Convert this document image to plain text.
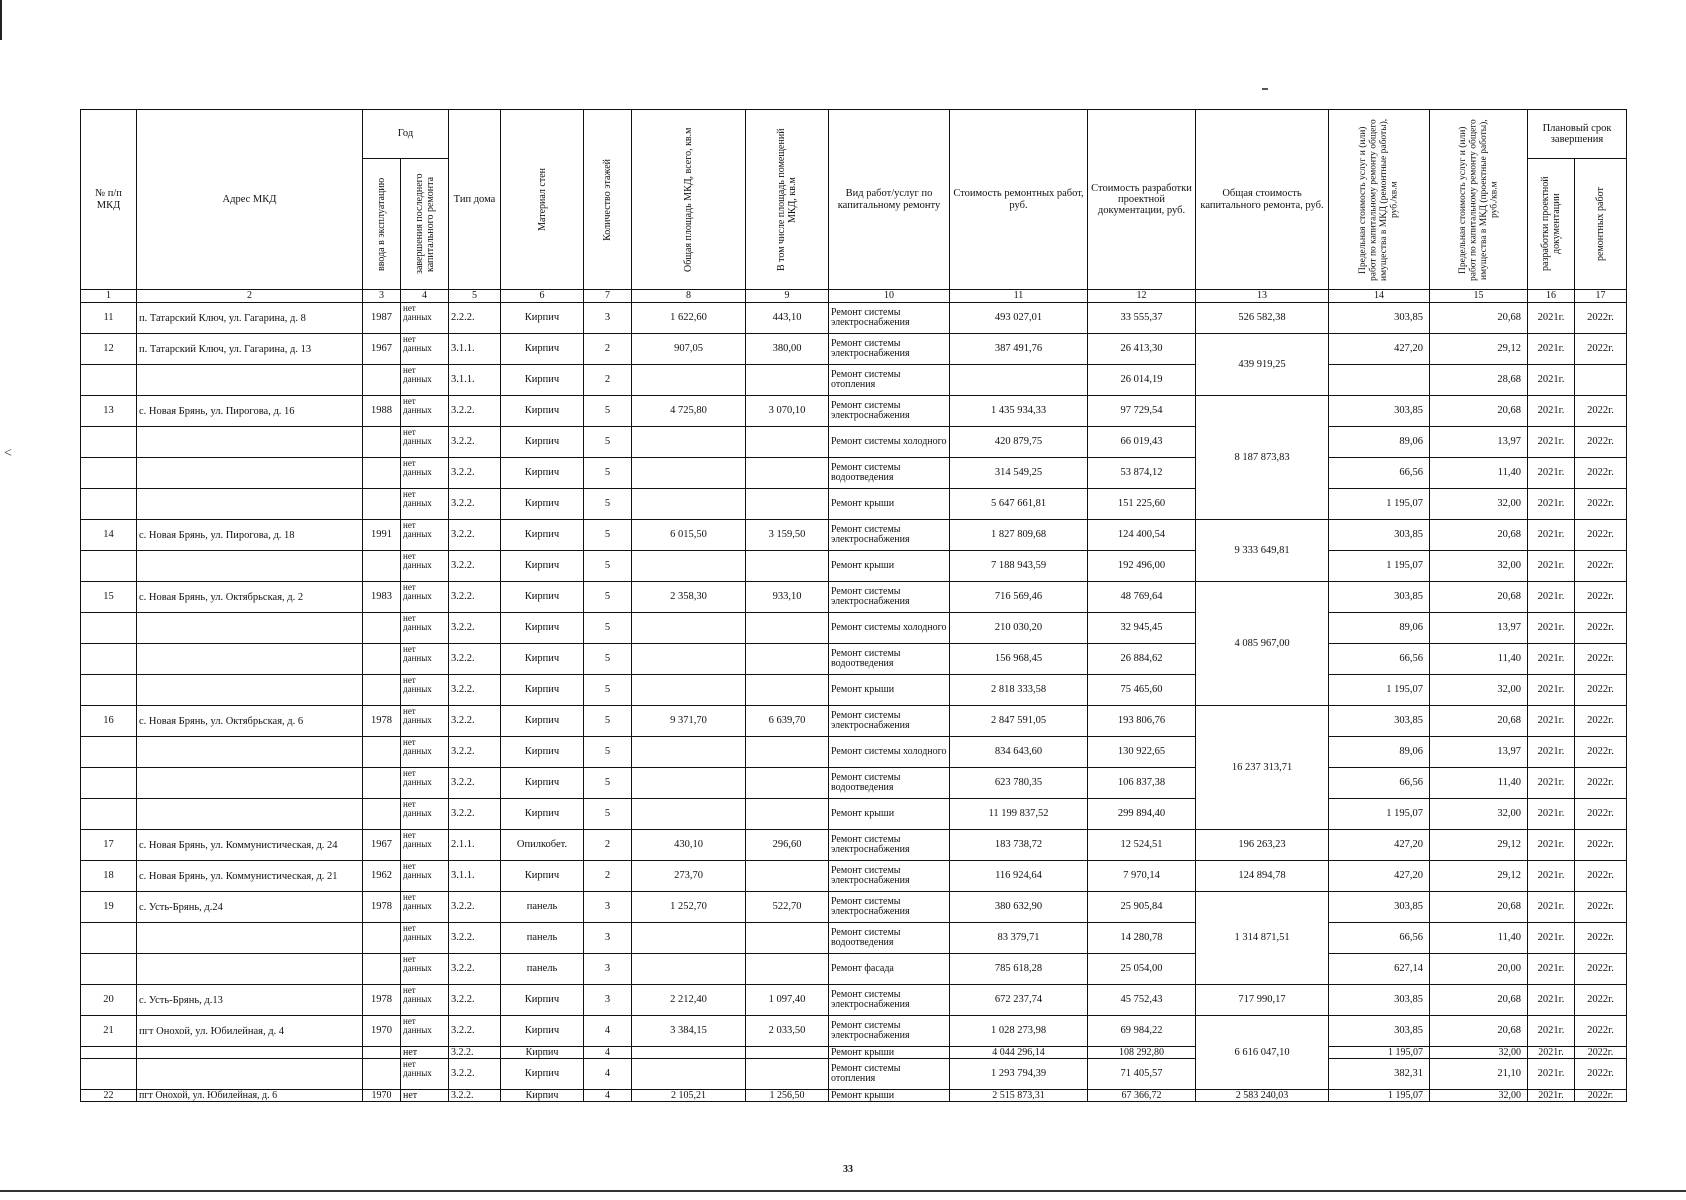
<
№ п/п МКД	Адрес МКД	Год		Тип дома	Материал стен	Количество этажей	Общая площадь МКД, всего, кв.м	В том числе площадь помещений МКД, кв.м	Вид работ/услуг по капитальному ремонту	Стоимость ремонтных работ, руб.	Стоимость разработки проектной документации, руб.	Общая стоимость капитального ремонта, руб.	Предельная стоимость услуг и (или) работ по капитальному ремонту общего имущества в МКД (ремонтные работы), руб./кв.м	Предельная стоимость услуг и (или) работ по капитальному ремонту общего имущества в МКД (проектные работы), руб./кв.м	Плановый срок завершения	

		ввода в эксплуатацию	завершения последнего капитального ремонта												разработки проектной документации	ремонтных работ

1	2	3	4	5	6	7	8	9	10	11	12	13	14	15	16	17
11	п. Татарский Ключ, ул. Гагарина, д. 8	1987	нет данных	2.2.2.	Кирпич	3	1 622,60	443,10	Ремонт системы электроснабжения	493 027,01	33 555,37	526 582,38	303,85	20,68	2021г.	2022г.
12	п. Татарский Ключ, ул. Гагарина, д. 13	1967	нет данных	3.1.1.	Кирпич	2	907,05	380,00	Ремонт системы электроснабжения	387 491,76	26 413,30	439 919,25	427,20	29,12	2021г.	2022г.
			нет данных	3.1.1.	Кирпич	2			Ремонт системы отопления		26 014,19			28,68	2021г.	
13	с. Новая Брянь, ул. Пирогова, д. 16	1988	нет данных	3.2.2.	Кирпич	5	4 725,80	3 070,10	Ремонт системы электроснабжения	1 435 934,33	97 729,54	8 187 873,83	303,85	20,68	2021г.	2022г.
			нет данных	3.2.2.	Кирпич	5			Ремонт системы холодного	420 879,75	66 019,43		89,06	13,97	2021г.	2022г.
			нет данных	3.2.2.	Кирпич	5			Ремонт системы водоотведения	314 549,25	53 874,12		66,56	11,40	2021г.	2022г.
			нет данных	3.2.2.	Кирпич	5			Ремонт крыши	5 647 661,81	151 225,60		1 195,07	32,00	2021г.	2022г.
14	с. Новая Брянь, ул. Пирогова, д. 18	1991	нет данных	3.2.2.	Кирпич	5	6 015,50	3 159,50	Ремонт системы электроснабжения	1 827 809,68	124 400,54	9 333 649,81	303,85	20,68	2021г.	2022г.
			нет данных	3.2.2.	Кирпич	5			Ремонт крыши	7 188 943,59	192 496,00		1 195,07	32,00	2021г.	2022г.
15	с. Новая Брянь, ул. Октябрьская, д. 2	1983	нет данных	3.2.2.	Кирпич	5	2 358,30	933,10	Ремонт системы электроснабжения	716 569,46	48 769,64	4 085 967,00	303,85	20,68	2021г.	2022г.
			нет данных	3.2.2.	Кирпич	5			Ремонт системы холодного	210 030,20	32 945,45		89,06	13,97	2021г.	2022г.
			нет данных	3.2.2.	Кирпич	5			Ремонт системы водоотведения	156 968,45	26 884,62		66,56	11,40	2021г.	2022г.
			нет данных	3.2.2.	Кирпич	5			Ремонт крыши	2 818 333,58	75 465,60		1 195,07	32,00	2021г.	2022г.
16	с. Новая Брянь, ул. Октябрьская, д. 6	1978	нет данных	3.2.2.	Кирпич	5	9 371,70	6 639,70	Ремонт системы электроснабжения	2 847 591,05	193 806,76	16 237 313,71	303,85	20,68	2021г.	2022г.
			нет данных	3.2.2.	Кирпич	5			Ремонт системы холодного	834 643,60	130 922,65		89,06	13,97	2021г.	2022г.
			нет данных	3.2.2.	Кирпич	5			Ремонт системы водоотведения	623 780,35	106 837,38		66,56	11,40	2021г.	2022г.
			нет данных	3.2.2.	Кирпич	5			Ремонт крыши	11 199 837,52	299 894,40		1 195,07	32,00	2021г.	2022г.
17	с. Новая Брянь, ул. Коммунистическая, д. 24	1967	нет данных	2.1.1.	Опилкобет.	2	430,10	296,60	Ремонт системы электроснабжения	183 738,72	12 524,51	196 263,23	427,20	29,12	2021г.	2022г.
18	с. Новая Брянь, ул. Коммунистическая, д. 21	1962	нет данных	3.1.1.	Кирпич	2	273,70		Ремонт системы электроснабжения	116 924,64	7 970,14	124 894,78	427,20	29,12	2021г.	2022г.
19	с. Усть-Брянь, д.24	1978	нет данных	3.2.2.	панель	3	1 252,70	522,70	Ремонт системы электроснабжения	380 632,90	25 905,84	1 314 871,51	303,85	20,68	2021г.	2022г.
			нет данных	3.2.2.	панель	3			Ремонт системы водоотведения	83 379,71	14 280,78		66,56	11,40	2021г.	2022г.
			нет данных	3.2.2.	панель	3			Ремонт фасада	785 618,28	25 054,00		627,14	20,00	2021г.	2022г.
20	с. Усть-Брянь, д.13	1978	нет данных	3.2.2.	Кирпич	3	2 212,40	1 097,40	Ремонт системы электроснабжения	672 237,74	45 752,43	717 990,17	303,85	20,68	2021г.	2022г.
21	пгт Онохой, ул. Юбилейная, д. 4	1970	нет данных	3.2.2.	Кирпич	4	3 384,15	2 033,50	Ремонт системы электроснабжения	1 028 273,98	69 984,22	6 616 047,10	303,85	20,68	2021г.	2022г.
			нет	3.2.2.	Кирпич	4			Ремонт крыши	4 044 296,14	108 292,80		1 195,07	32,00	2021г.	2022г.
			нет данных	3.2.2.	Кирпич	4			Ремонт системы отопления	1 293 794,39	71 405,57		382,31	21,10	2021г.	2022г.
22	пгт Онохой, ул. Юбилейная, д. 6	1970	нет	3.2.2.	Кирпич	4	2 105,21	1 256,50	Ремонт крыши	2 515 873,31	67 366,72	2 583 240,03	1 195,07	32,00	2021г.	2022г.
33
